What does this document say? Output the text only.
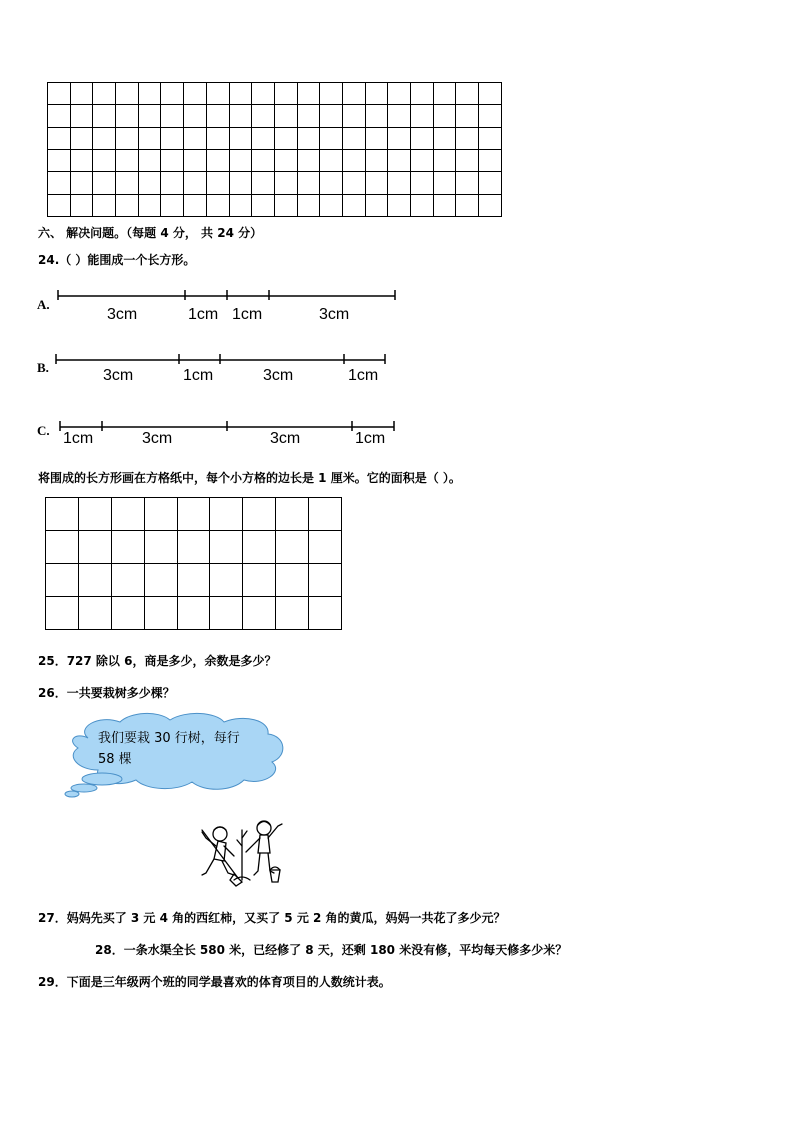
六、 解决问题。（每题 4 分， 共 24 分）
24.（ ）能围成一个长方形。
A.
3cm	1cm 1cm	3cm
B.	3cm	1cm	3cm	1cm
C. 1cm	3cm	3cm	1cm
将围成的长方形画在方格纸中，每个小方格的边长是 1 厘米。它的面积是（ ）。

25．727 除以 6，商是多少，余数是多少？
26．一共要栽树多少棵？
我们要栽 30 行树，每行 58 棵
27．妈妈先买了 3 元 4 角的西红柿，又买了 5 元 2 角的黄瓜，妈妈一共花了多少元？
28．一条水渠全长 580 米，已经修了 8 天，还剩 180 米没有修，平均每天修多少米？
29．下面是三年级两个班的同学最喜欢的体育项目的人数统计表。
